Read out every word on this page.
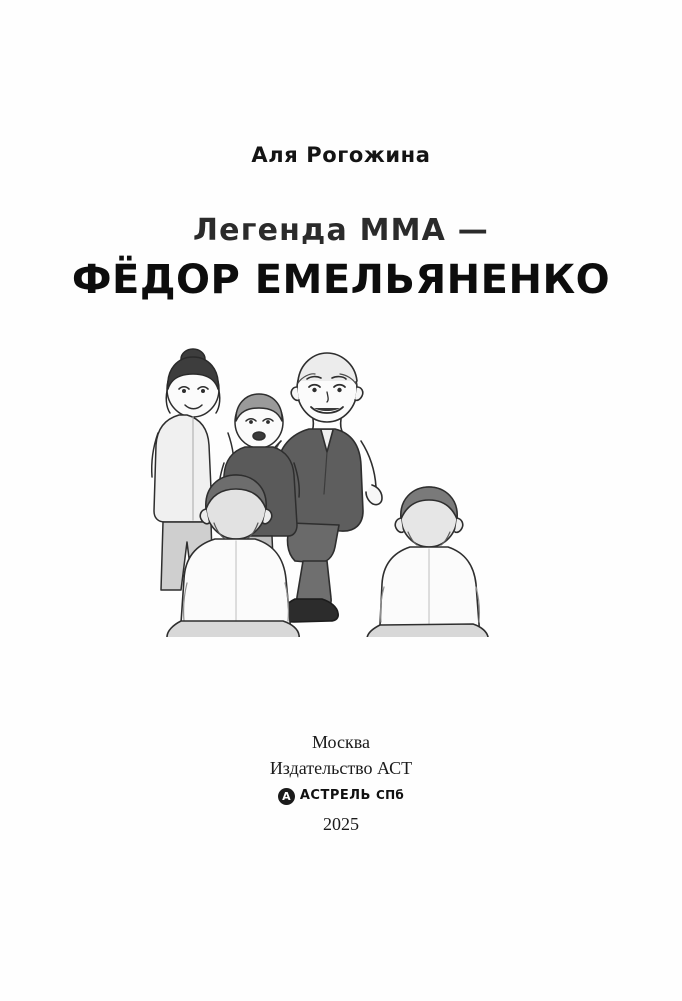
Аля Рогожина
Легенда ММА —
ФЁДОР ЕМЕЛЬЯНЕНКО
Москва
Издательство АСТ
А АСТРЕЛЬ СПб
2025
